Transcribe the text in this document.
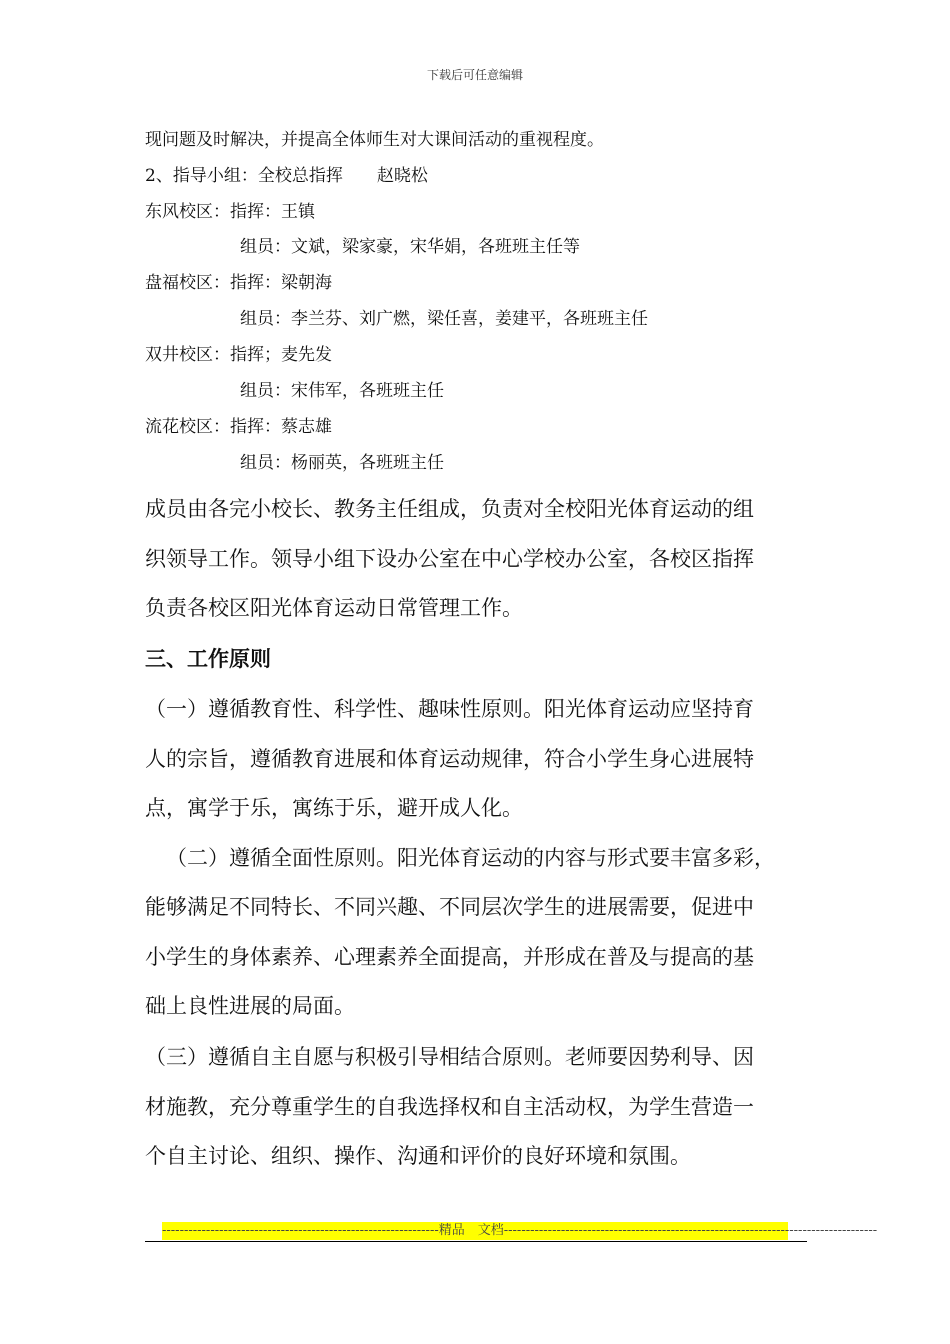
下载后可任意编辑
现问题及时解决，并提高全体师生对大课间活动的重视程度。
2、指导小组：全校总指挥　　赵晓松
东风校区：指挥：王镇
组员：文斌，梁家豪，宋华娟，各班班主任等
盘福校区：指挥：梁朝海
组员：李兰芬、刘广燃，梁任喜，姜建平，各班班主任
双井校区：指挥；麦先发
组员：宋伟军，各班班主任
流花校区：指挥：蔡志雄
组员：杨丽英，各班班主任
成员由各完小校长、教务主任组成，负责对全校阳光体育运动的组
织领导工作。领导小组下设办公室在中心学校办公室，各校区指挥
负责各校区阳光体育运动日常管理工作。
三、工作原则
（一）遵循教育性、科学性、趣味性原则。阳光体育运动应坚持育
人的宗旨，遵循教育进展和体育运动规律，符合小学生身心进展特
点，寓学于乐，寓练于乐，避开成人化。
（二）遵循全面性原则。阳光体育运动的内容与形式要丰富多彩，
能够满足不同特长、不同兴趣、不同层次学生的进展需要，促进中
小学生的身体素养、心理素养全面提高，并形成在普及与提高的基
础上良性进展的局面。
（三）遵循自主自愿与积极引导相结合原则。老师要因势利导、因
材施教，充分尊重学生的自我选择权和自主活动权，为学生营造一
个自主讨论、组织、操作、沟通和评价的良好环境和氛围。
---------------------------------------------------------------精品　文档-------------------------------------------------------------------------------------
